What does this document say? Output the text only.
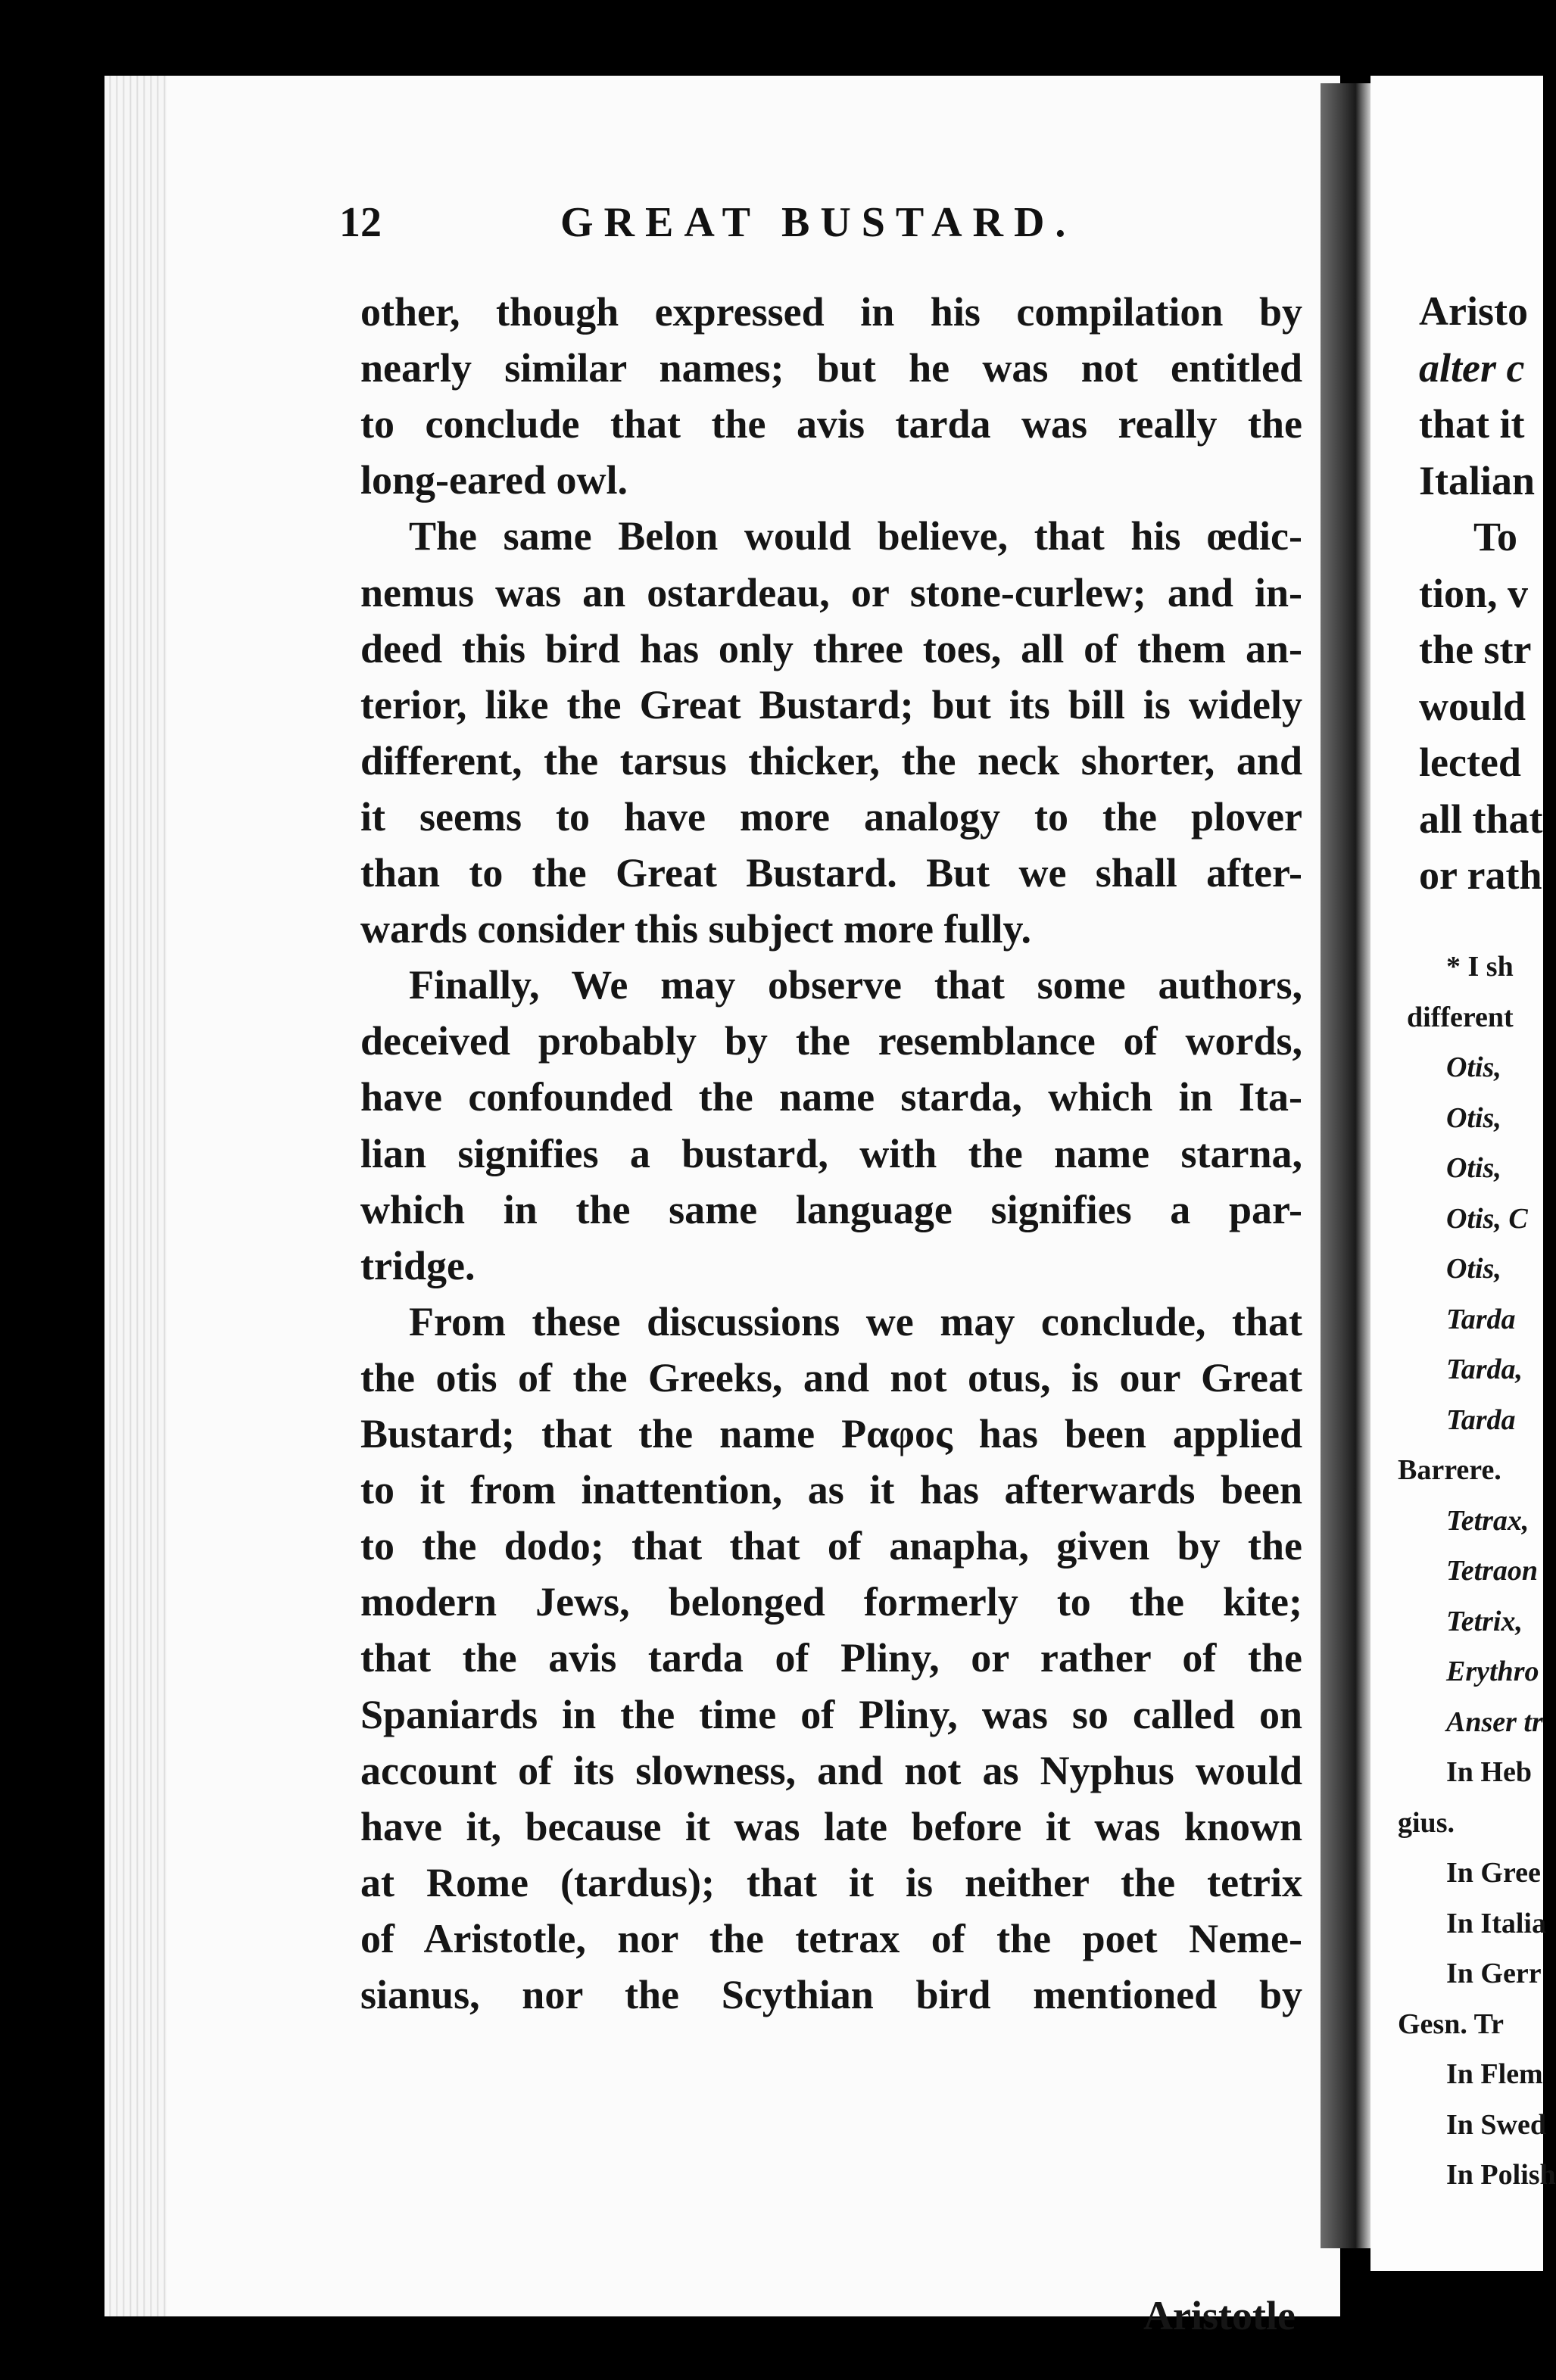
12	GREAT BUSTARD.
other, though expressed in his compilation by
nearly similar names; but he was not entitled
to conclude that the avis tarda was really the
long-eared owl.
The same Belon would believe, that his œdic-
nemus was an ostardeau, or stone-curlew; and in-
deed this bird has only three toes, all of them an-
terior, like the Great Bustard; but its bill is widely
different, the tarsus thicker, the neck shorter, and
it seems to have more analogy to the plover
than to the Great Bustard. But we shall after-
wards consider this subject more fully.
Finally, We may observe that some authors,
deceived probably by the resemblance of words,
have confounded the name starda, which in Ita-
lian signifies a bustard, with the name starna,
which in the same language signifies a par-
tridge.
From these discussions we may conclude, that
the otis of the Greeks, and not otus, is our Great
Bustard; that the name Ραφος has been applied
to it from inattention, as it has afterwards been
to the dodo; that that of anapha, given by the
modern Jews, belonged formerly to the kite;
that the avis tarda of Pliny, or rather of the
Spaniards in the time of Pliny, was so called on
account of its slowness, and not as Nyphus would
have it, because it was late before it was known
at Rome (tardus); that it is neither the tetrix
of Aristotle, nor the tetrax of the poet Neme-
sianus, nor the Scythian bird mentioned by
Aristotle
Aristo
alter c
that it
Italian
To
tion, v
the str
would
lected
all that
or rath
* I sh
different
Otis,
Otis,
Otis,
Otis, C
Otis,
Tarda
Tarda,
Tarda
Barrere.
Tetrax,
Tetraon
Tetrix,
Erythro
Anser tr
In Heb
gius.
In Gree
In Italia
In Gerr
Gesn. Tr
In Flem
In Swed
In Polish
